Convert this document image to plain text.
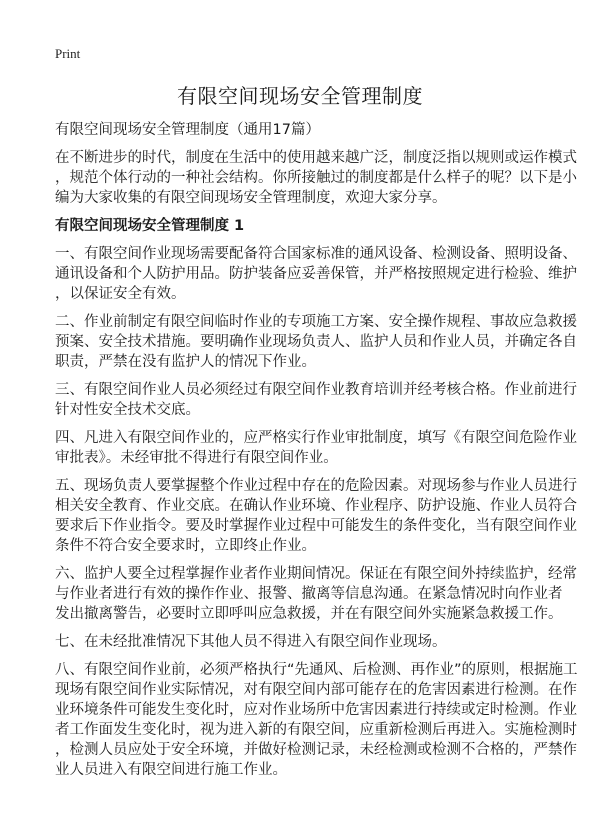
Print
有限空间现场安全管理制度
有限空间现场安全管理制度（通用17篇）
在不断进步的时代，制度在生活中的使用越来越广泛，制度泛指以规则或运作模式
，规范个体行动的一种社会结构。你所接触过的制度都是什么样子的呢？以下是小
编为大家收集的有限空间现场安全管理制度，欢迎大家分享。
有限空间现场安全管理制度 1
一、有限空间作业现场需要配备符合国家标准的通风设备、检测设备、照明设备、
通讯设备和个人防护用品。防护装备应妥善保管，并严格按照规定进行检验、维护
，以保证安全有效。
二、作业前制定有限空间临时作业的专项施工方案、安全操作规程、事故应急救援
预案、安全技术措施。要明确作业现场负责人、监护人员和作业人员，并确定各自
职责，严禁在没有监护人的情况下作业。
三、有限空间作业人员必须经过有限空间作业教育培训并经考核合格。作业前进行
针对性安全技术交底。
四、凡进入有限空间作业的，应严格实行作业审批制度，填写《有限空间危险作业
审批表》。未经审批不得进行有限空间作业。
五、现场负责人要掌握整个作业过程中存在的危险因素。对现场参与作业人员进行
相关安全教育、作业交底。在确认作业环境、作业程序、防护设施、作业人员符合
要求后下作业指令。要及时掌握作业过程中可能发生的条件变化，当有限空间作业
条件不符合安全要求时，立即终止作业。
六、监护人要全过程掌握作业者作业期间情况。保证在有限空间外持续监护，经常
与作业者进行有效的操作作业、报警、撤离等信息沟通。在紧急情况时向作业者
发出撤离警告，必要时立即呼叫应急救援，并在有限空间外实施紧急救援工作。
七、在未经批准情况下其他人员不得进入有限空间作业现场。
八、有限空间作业前，必须严格执行“先通风、后检测、再作业”的原则，根据施工
现场有限空间作业实际情况，对有限空间内部可能存在的危害因素进行检测。在作
业环境条件可能发生变化时，应对作业场所中危害因素进行持续或定时检测。作业
者工作面发生变化时，视为进入新的有限空间，应重新检测后再进入。实施检测时
，检测人员应处于安全环境，并做好检测记录，未经检测或检测不合格的，严禁作
业人员进入有限空间进行施工作业。
